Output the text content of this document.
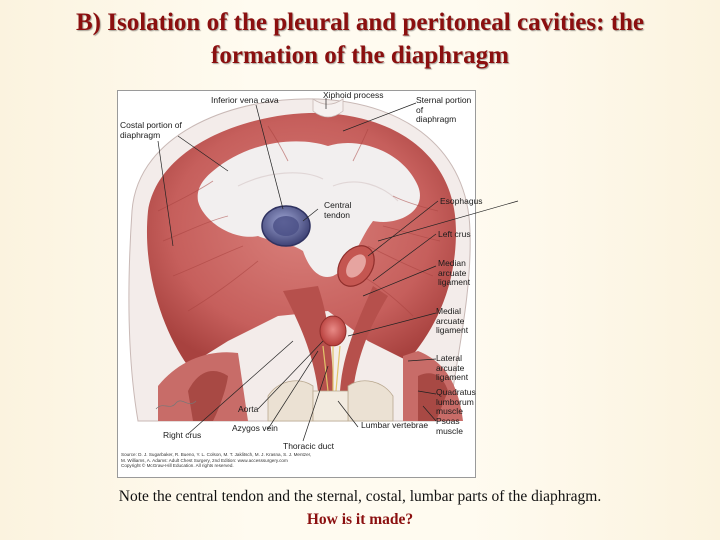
B) Isolation of the pleural and peritoneal cavities: the
formation of the diaphragm
Xiphoid process
Inferior vena cava	Sternal portion of
diaphragm
Costal portion of
diaphragm
Central
tendon
Esophagus
Left crus
Median arcuate
ligament
Medial arcuate
ligament
Lateral arcuate
ligament
Quadratus
lumborum muscle
Psoas muscle
Aorta
Azygos vein
Right crus
Thoracic duct
Lumbar vertebrae
Source: D. J. Sugarbaker, R. Bueno, Y. L. Colson, M. T. Jaklitsch, M. J. Krasna, S. J. Mentzer,
M. Williams, A. Adams: Adult Chest Surgery, 2nd Edition: www.accesssurgery.com
Copyright © McGraw-Hill Education. All rights reserved.
Note the central tendon and the sternal, costal, lumbar parts of the diaphragm.
How is it made?
